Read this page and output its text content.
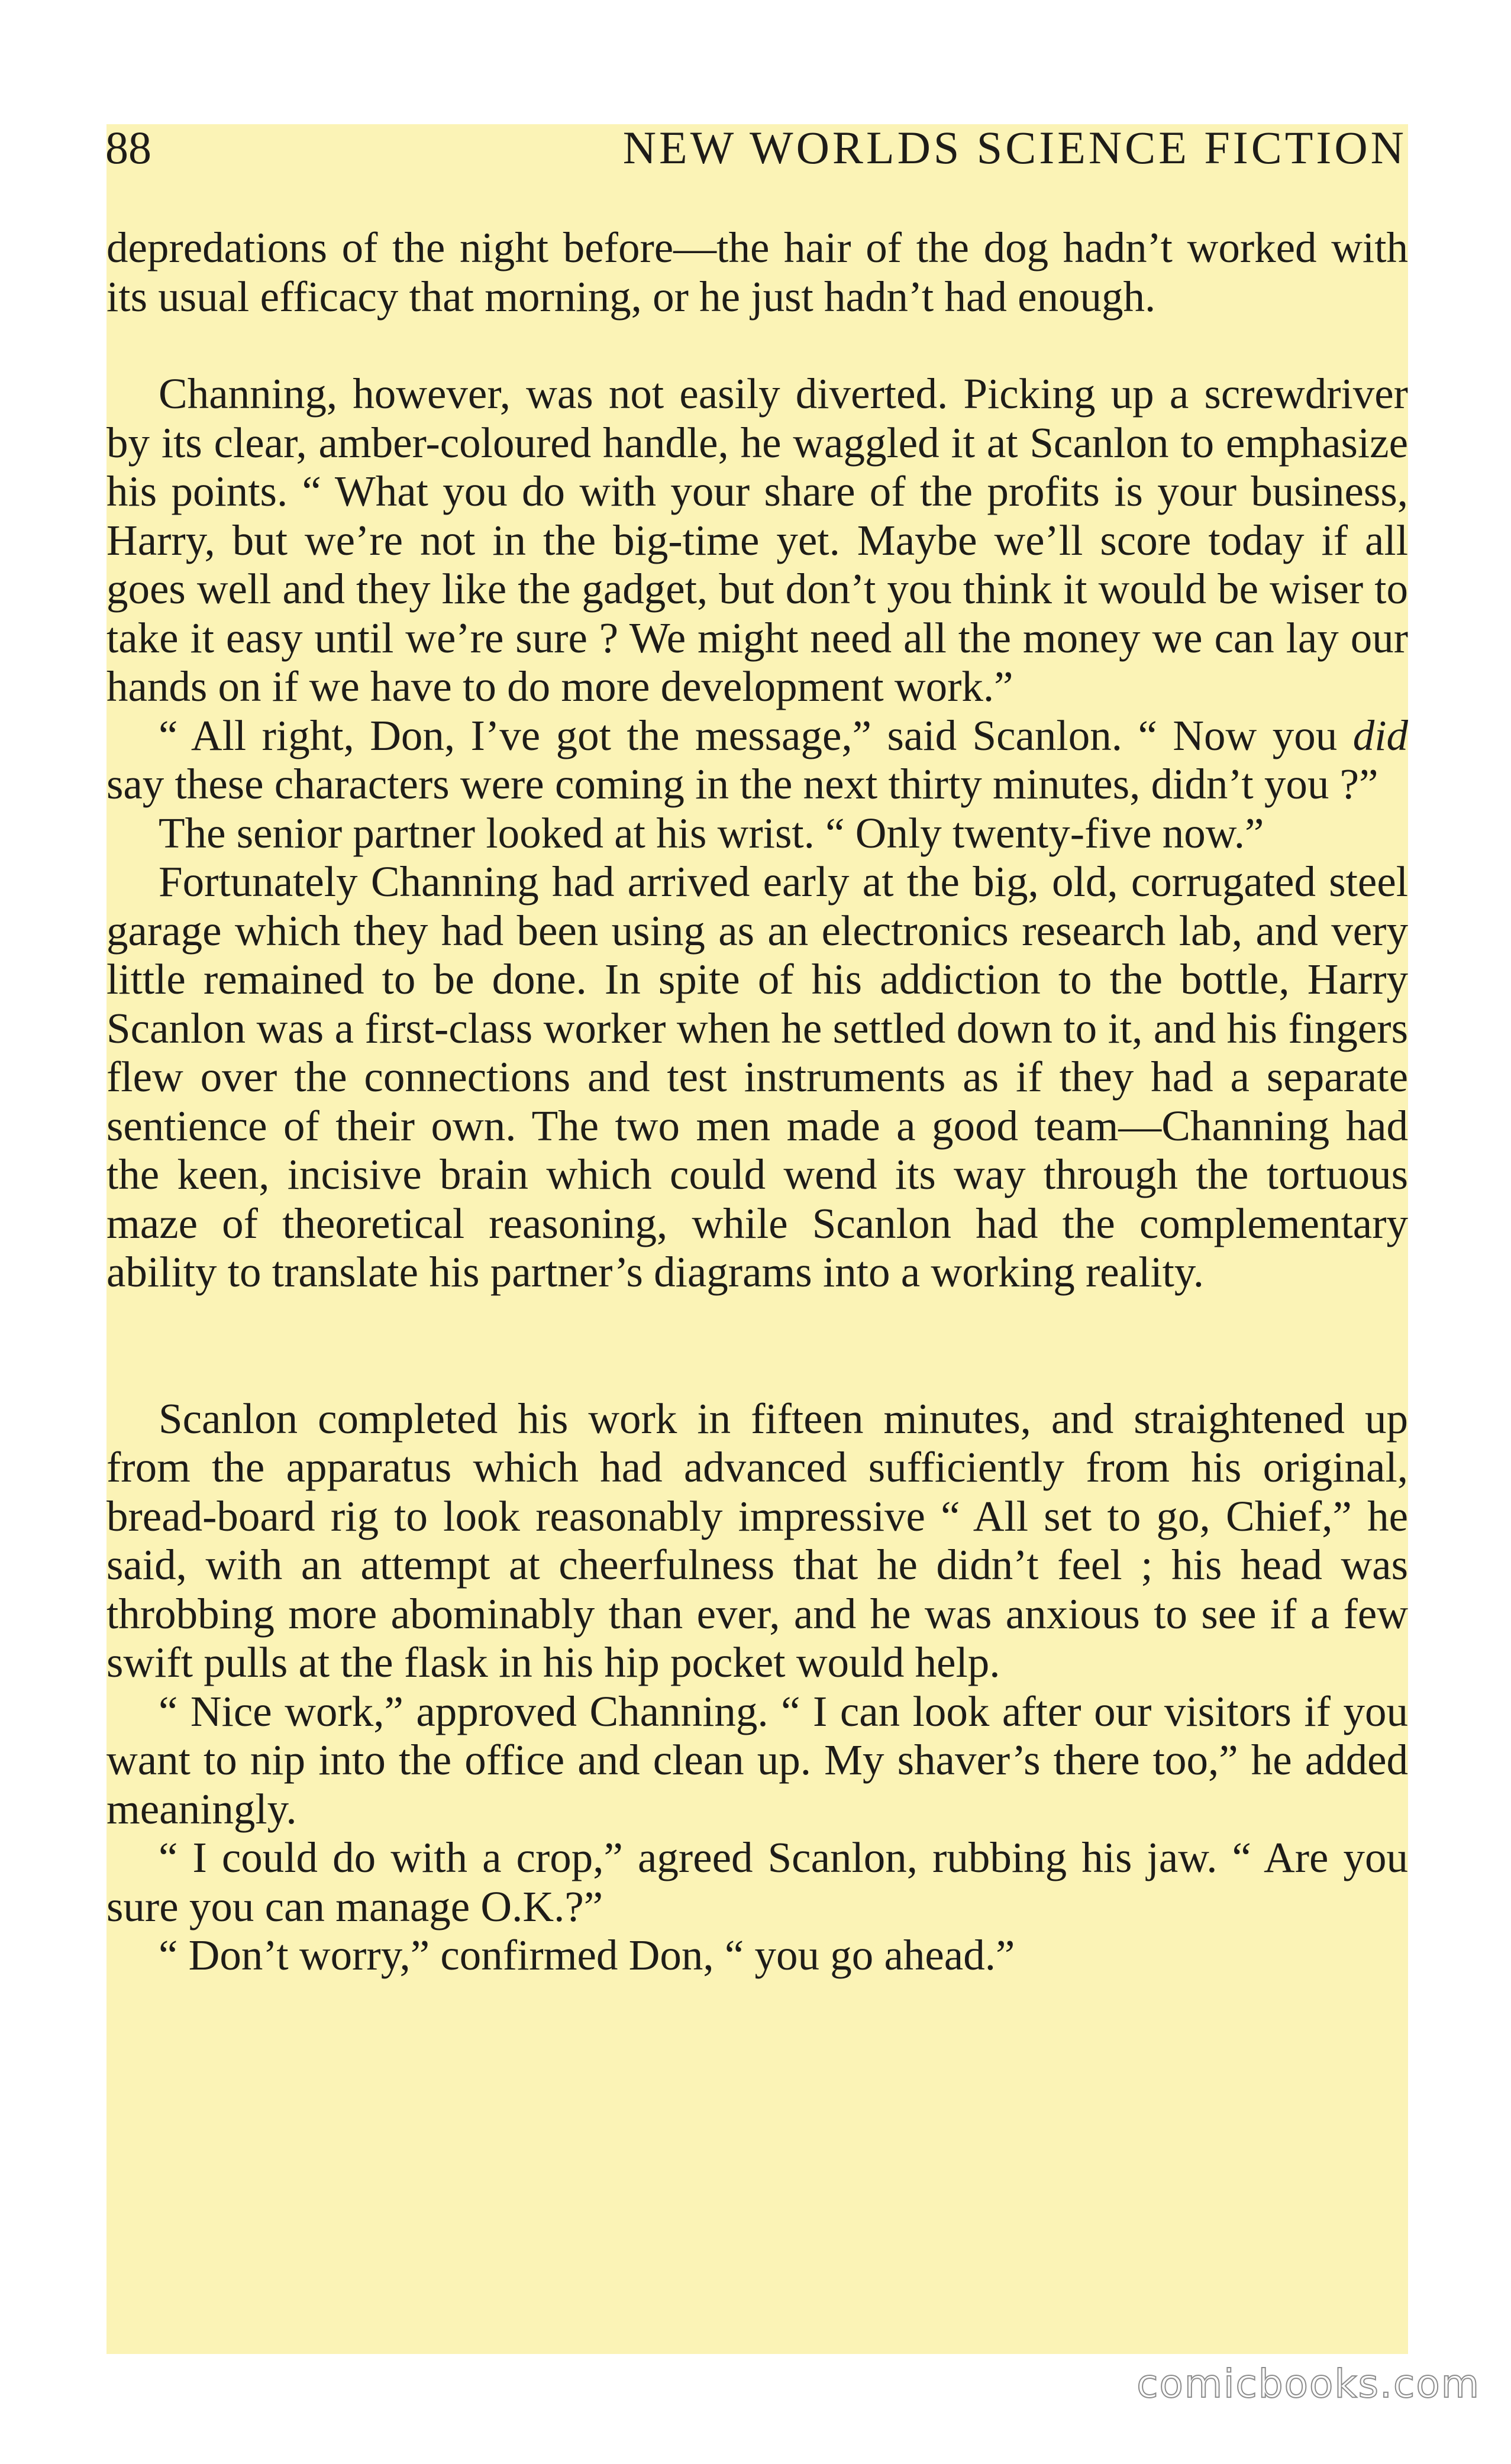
88	NEW WORLDS SCIENCE FICTION

depredations of the night before—the hair of the dog hadn’t worked with its usual efficacy that morning, or he just hadn’t had enough.

Channing, however, was not easily diverted. Picking up a screwdriver by its clear, amber-coloured handle, he waggled it at Scanlon to emphasize his points. “ What you do with your share of the profits is your business, Harry, but we’re not in the big-time yet. Maybe we’ll score today if all goes well and they like the gadget, but don’t you think it would be wiser to take it easy until we’re sure ? We might need all the money we can lay our hands on if we have to do more development work.”

“ All right, Don, I’ve got the message,” said Scanlon. “ Now you did say these characters were coming in the next thirty minutes, didn’t you ?”

The senior partner looked at his wrist. “ Only twenty-five now.”

Fortunately Channing had arrived early at the big, old, corrugated steel garage which they had been using as an electronics research lab, and very little remained to be done. In spite of his addiction to the bottle, Harry Scanlon was a first-class worker when he settled down to it, and his fingers flew over the connections and test instruments as if they had a separate sentience of their own. The two men made a good team—Channing had the keen, incisive brain which could wend its way through the tortuous maze of theoretical reasoning, while Scanlon had the complementary ability to translate his partner’s diagrams into a working reality.

Scanlon completed his work in fifteen minutes, and straightened up from the apparatus which had advanced sufficiently from his original, bread-board rig to look reasonably impressive “ All set to go, Chief,” he said, with an attempt at cheerfulness that he didn’t feel ; his head was throbbing more abominably than ever, and he was anxious to see if a few swift pulls at the flask in his hip pocket would help.

“ Nice work,” approved Channing. “ I can look after our visitors if you want to nip into the office and clean up. My shaver’s there too,” he added meaningly.

“ I could do with a crop,” agreed Scanlon, rubbing his jaw. “ Are you sure you can manage O.K.?”

“ Don’t worry,” confirmed Don, “ you go ahead.”

comicbooks.com
